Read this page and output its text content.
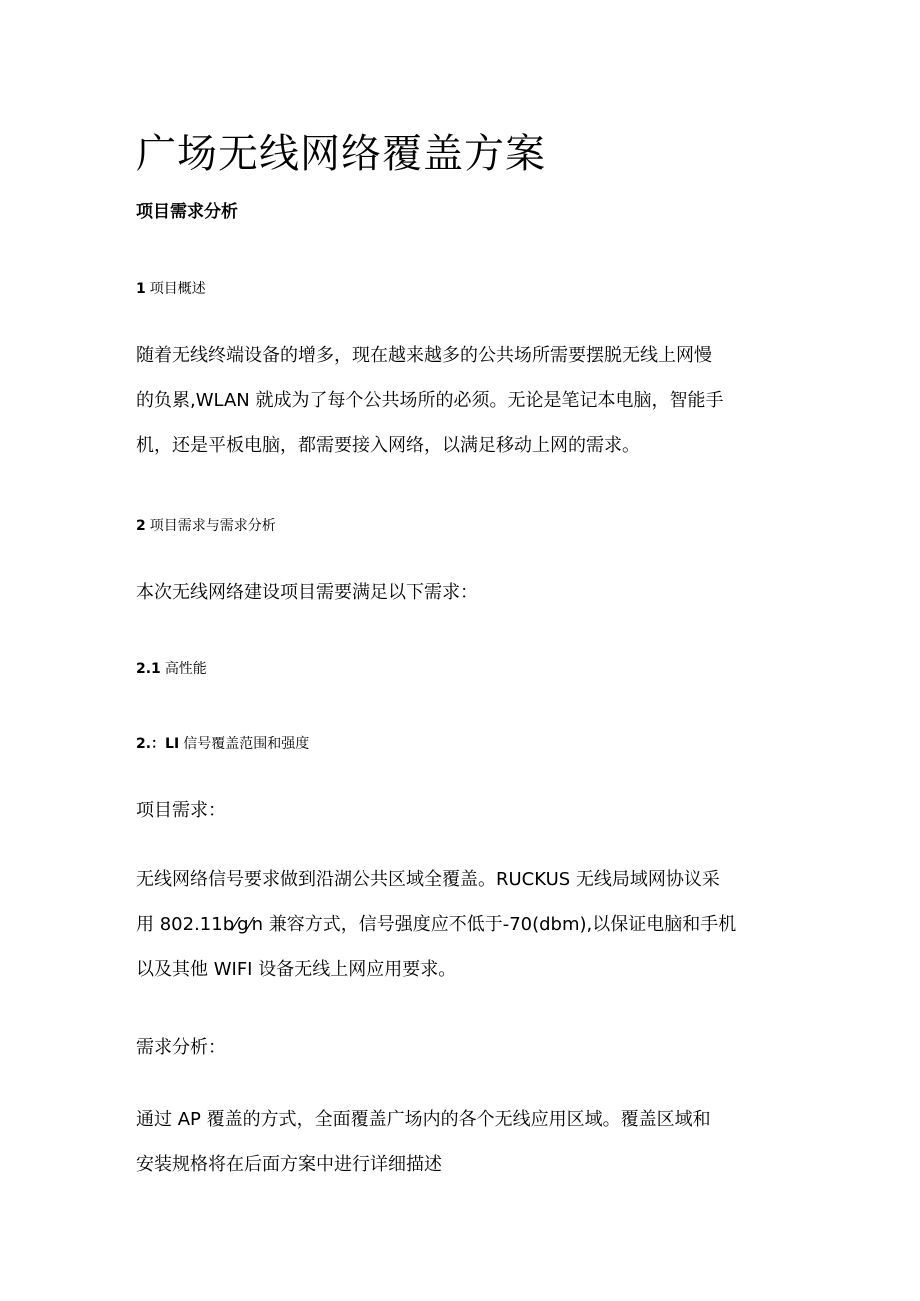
广场无线网络覆盖方案
项目需求分析
1 项目概述

随着无线终端设备的增多，现在越来越多的公共场所需要摆脱无线上网慢
的负累,WLAN 就成为了每个公共场所的必须。无论是笔记本电脑，智能手
机，还是平板电脑，都需要接入网络，以满足移动上网的需求。

2 项目需求与需求分析

本次无线网络建设项目需要满足以下需求：

2.1 高性能
2.：LI 信号覆盖范围和强度

项目需求：

无线网络信号要求做到沿湖公共区域全覆盖。RUCKUS 无线局域网协议采
用 802.11b⁄g⁄n 兼容方式，信号强度应不低于-70(dbm),以保证电脑和手机
以及其他 WIFI 设备无线上网应用要求。

需求分析：

通过 AP 覆盖的方式，全面覆盖广场内的各个无线应用区域。覆盖区域和
安装规格将在后面方案中进行详细描述
